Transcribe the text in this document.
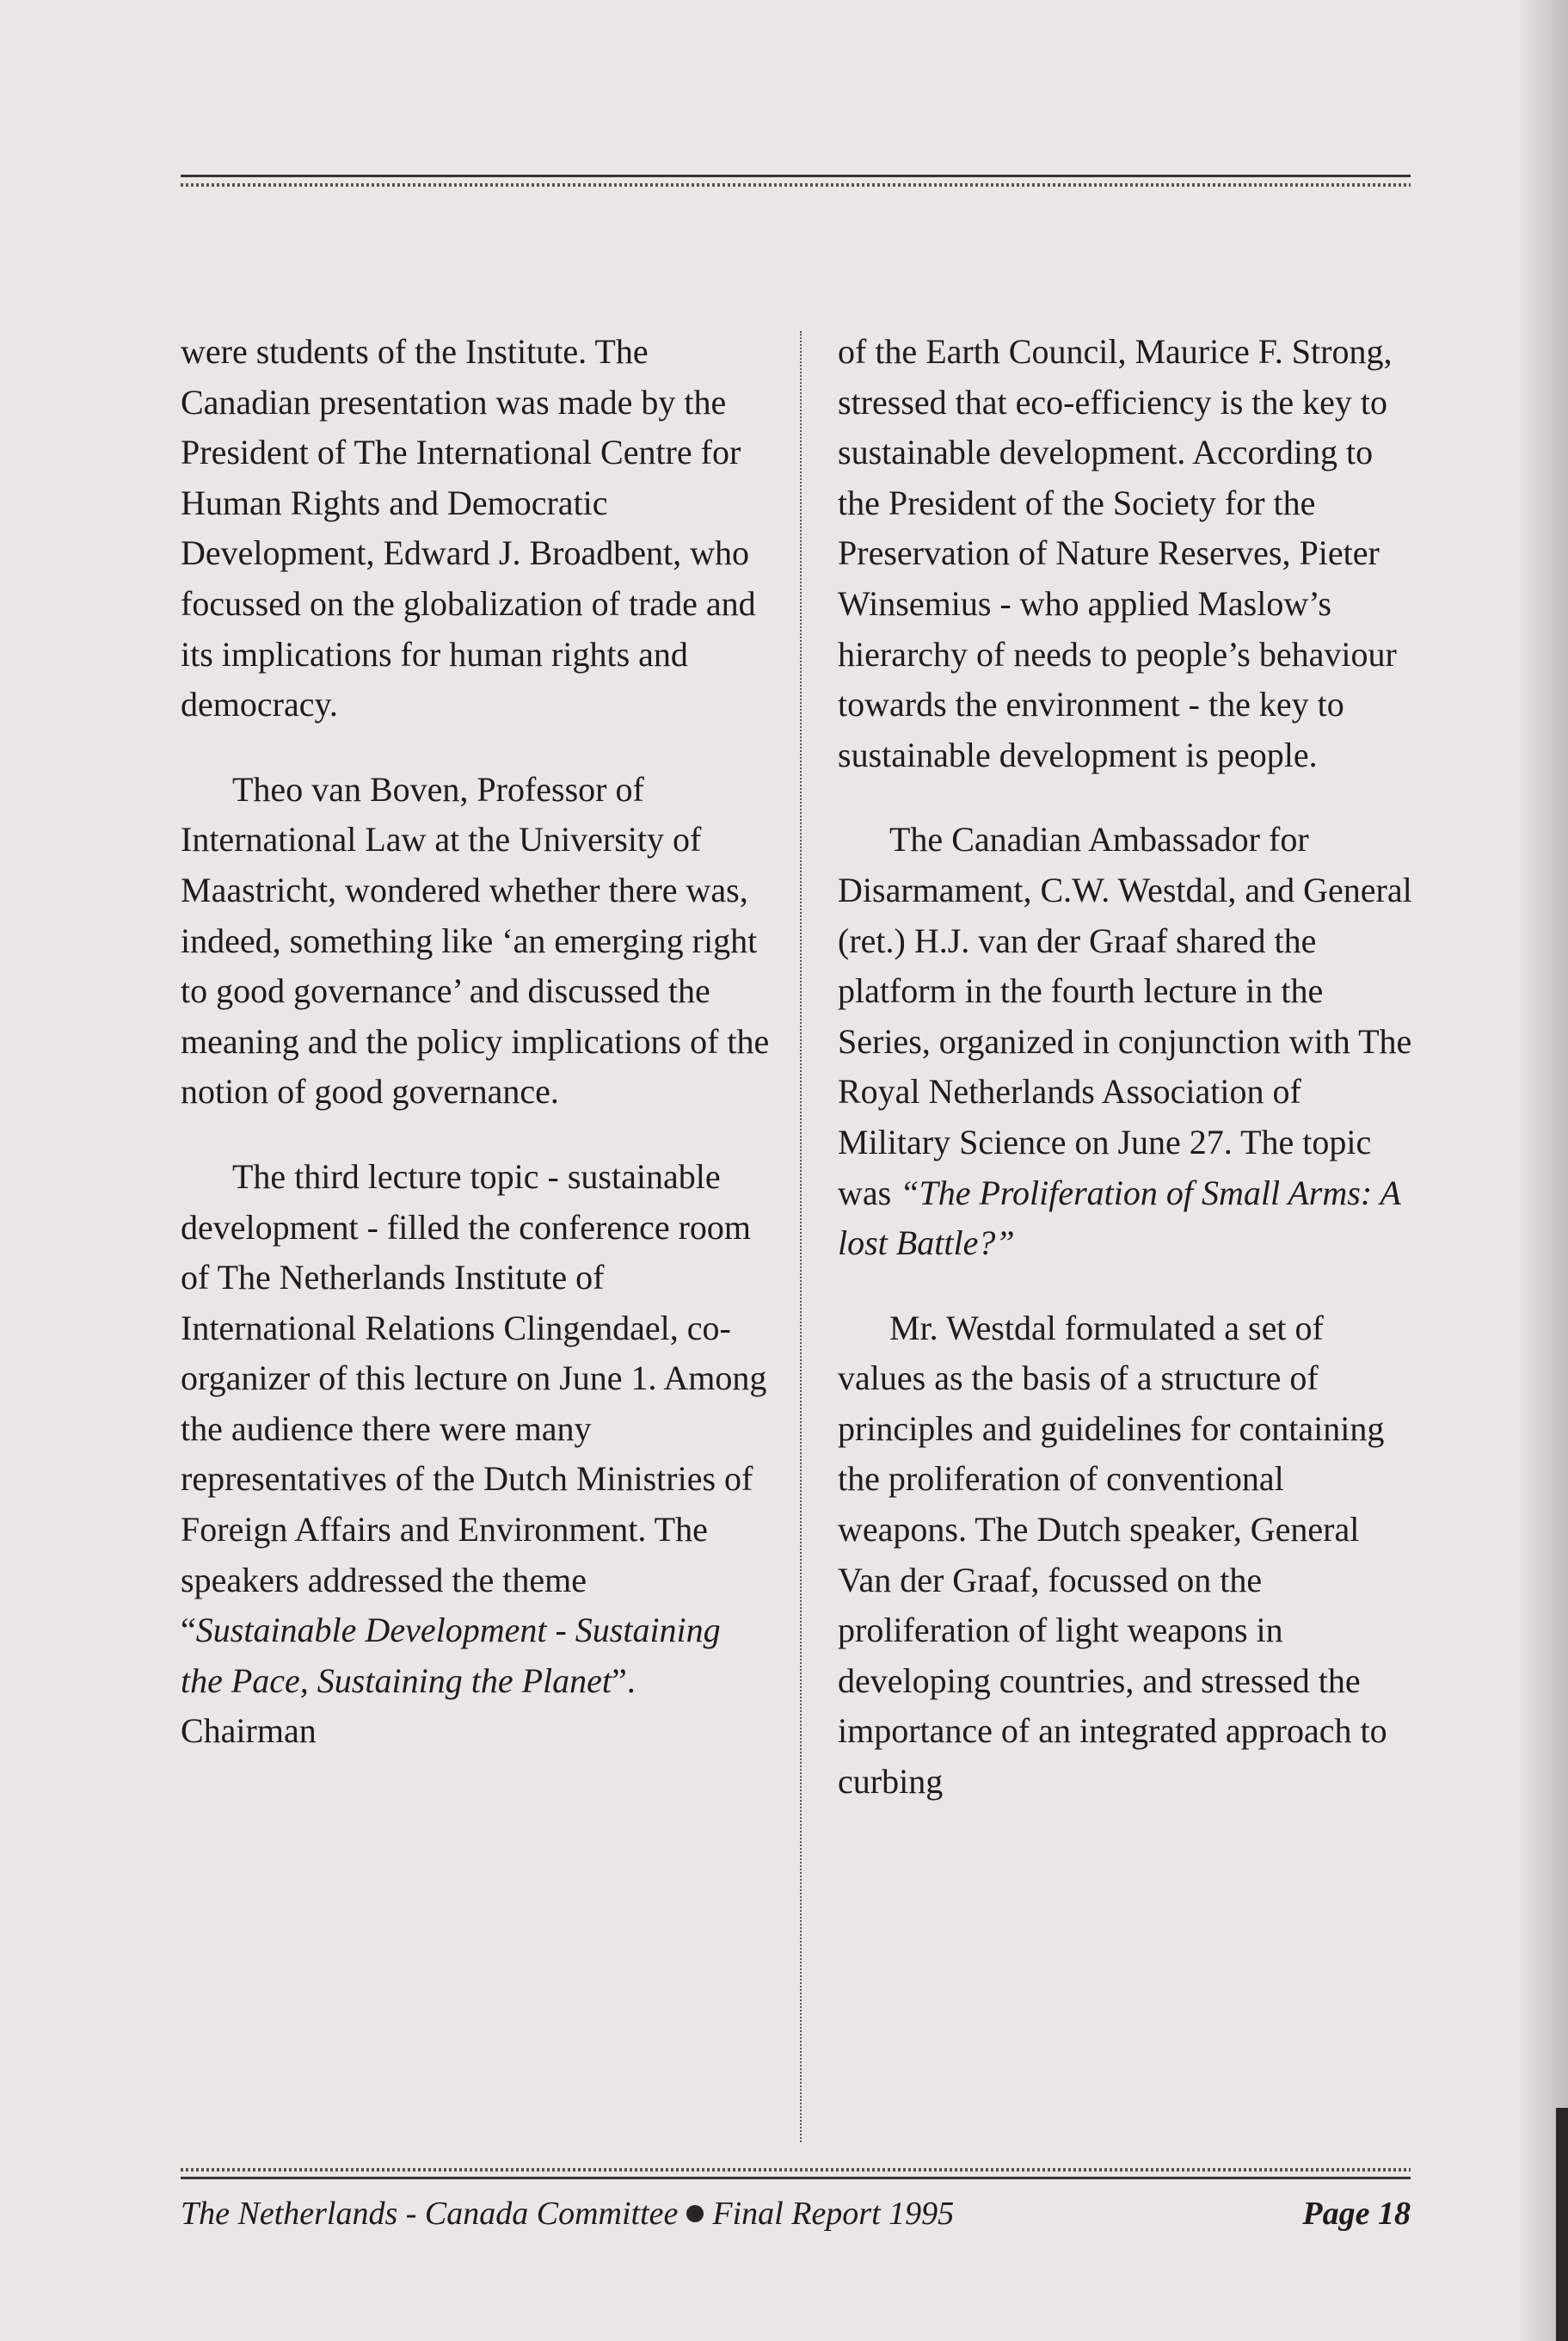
were students of the Institute. The Canadian presentation was made by the President of The International Centre for Human Rights and Democratic Development, Edward J. Broadbent, who focussed on the globalization of trade and its implications for human rights and democracy.

Theo van Boven, Professor of International Law at the University of Maastricht, wondered whether there was, indeed, something like ‘an emerging right to good governance’ and discussed the meaning and the policy implications of the notion of good governance.

The third lecture topic - sustainable development - filled the conference room of The Netherlands Institute of International Relations Clingendael, co-organizer of this lecture on June 1. Among the audience there were many representatives of the Dutch Ministries of Foreign Affairs and Environment. The speakers addressed the theme “Sustainable Development - Sustaining the Pace, Sustaining the Planet”. Chairman

of the Earth Council, Maurice F. Strong, stressed that eco-efficiency is the key to sustainable development. According to the President of the Society for the Preservation of Nature Reserves, Pieter Winsemius - who applied Maslow’s hierarchy of needs to people’s behaviour towards the environment - the key to sustainable development is people.

The Canadian Ambassador for Disarmament, C.W. Westdal, and General (ret.) H.J. van der Graaf shared the platform in the fourth lecture in the Series, organized in conjunction with The Royal Netherlands Association of Military Science on June 27. The topic was “The Proliferation of Small Arms: A lost Battle?”

Mr. Westdal formulated a set of values as the basis of a structure of principles and guidelines for containing the proliferation of conventional weapons. The Dutch speaker, General Van der Graaf, focussed on the proliferation of light weapons in developing countries, and stressed the importance of an integrated approach to curbing

The Netherlands - Canada Committee Final Report 1995	Page 18
